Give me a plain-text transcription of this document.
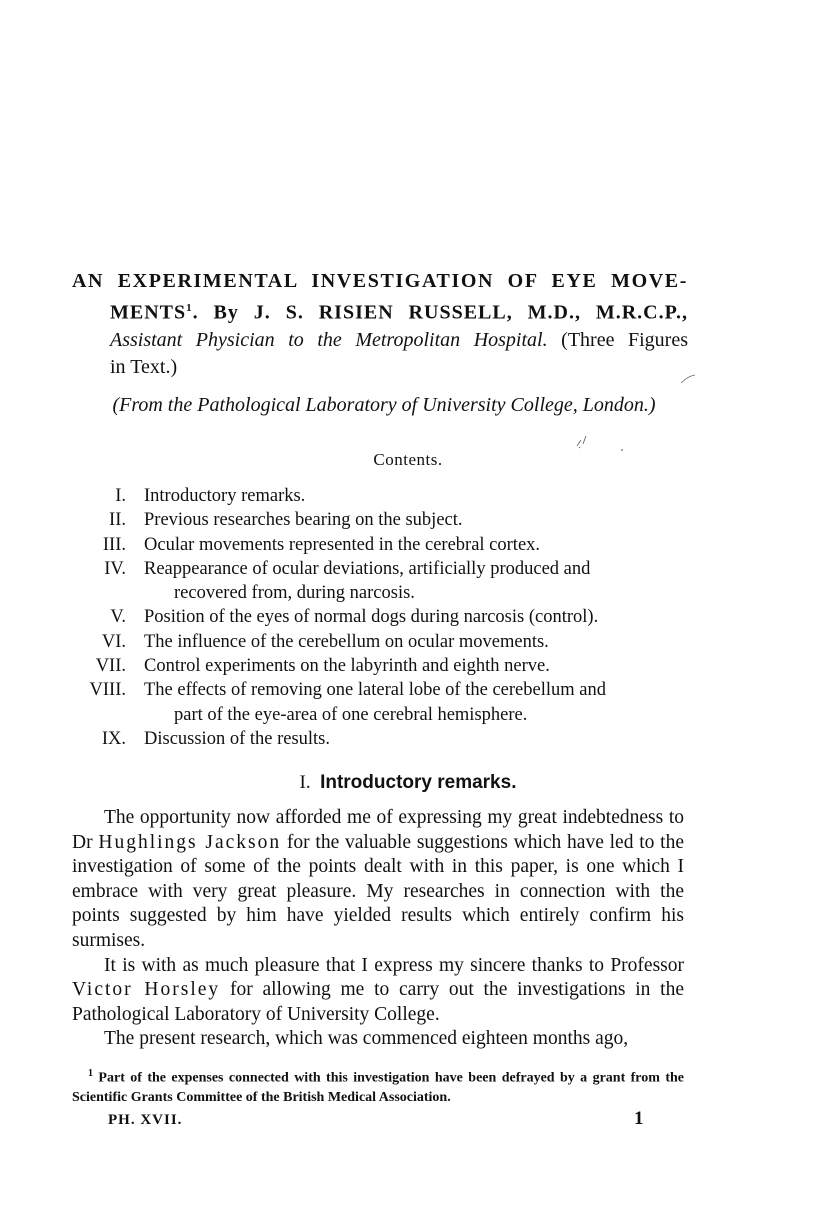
AN EXPERIMENTAL INVESTIGATION OF EYE MOVE-
MENTS$^1$. By J. S. RISIEN RUSSELL, M.D., M.R.C.P.,
Assistant Physician to the Metropolitan Hospital. (Three Figures
in Text.)
(From the Pathological Laboratory of University College, London.)
Contents.
I. Introductory remarks.
II. Previous researches bearing on the subject.
III. Ocular movements represented in the cerebral cortex.
IV. Reappearance of ocular deviations, artificially produced and
recovered from, during narcosis.
V. Position of the eyes of normal dogs during narcosis (control).
VI. The influence of the cerebellum on ocular movements.
VII. Control experiments on the labyrinth and eighth nerve.
VIII. The effects of removing one lateral lobe of the cerebellum and
part of the eye-area of one cerebral hemisphere.
IX. Discussion of the results.
I. Introductory remarks.

The opportunity now afforded me of expressing my great indebtedness to Dr Hughlings Jackson for the valuable suggestions which have led to the investigation of some of the points dealt with in this paper, is one which I embrace with very great pleasure. My researches in connection with the points suggested by him have yielded results which entirely confirm his surmises.

It is with as much pleasure that I express my sincere thanks to Professor Victor Horsley for allowing me to carry out the investigations in the Pathological Laboratory of University College.

The present research, which was commenced eighteen months ago,

$^1$ Part of the expenses connected with this investigation have been defrayed by a grant from the Scientific Grants Committee of the British Medical Association.
PH. XVII.	1
